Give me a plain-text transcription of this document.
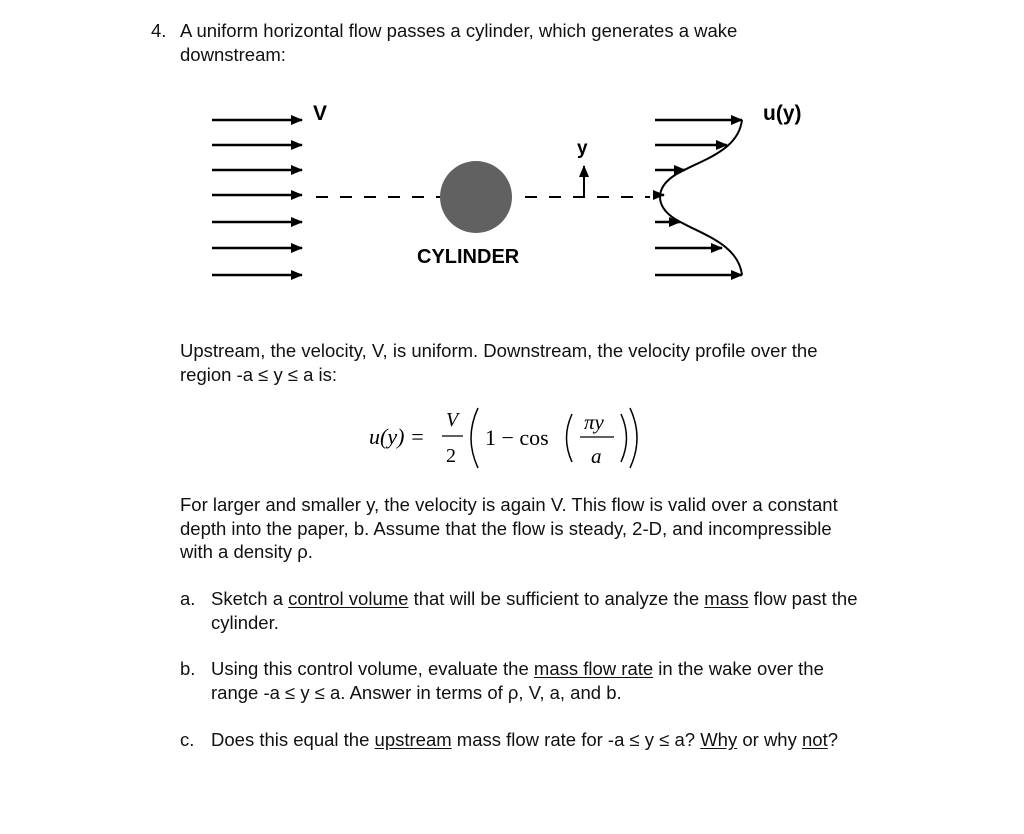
4. A uniform horizontal flow passes a cylinder, which generates a wake downstream:
V	u(y)
y
CYLINDER
Upstream, the velocity, V, is uniform. Downstream, the velocity profile over the region -a ≤ y ≤ a is:
u(y) =
V
2
1 − cos
πy
a
For larger and smaller y, the velocity is again V. This flow is valid over a constant depth into the paper, b. Assume that the flow is steady, 2-D, and incompressible with a density ρ.
a. Sketch a control volume that will be sufficient to analyze the mass flow past the cylinder.
b. Using this control volume, evaluate the mass flow rate in the wake over the range -a ≤ y ≤ a. Answer in terms of ρ, V, a, and b.
c. Does this equal the upstream mass flow rate for -a ≤ y ≤ a? Why or why not?
